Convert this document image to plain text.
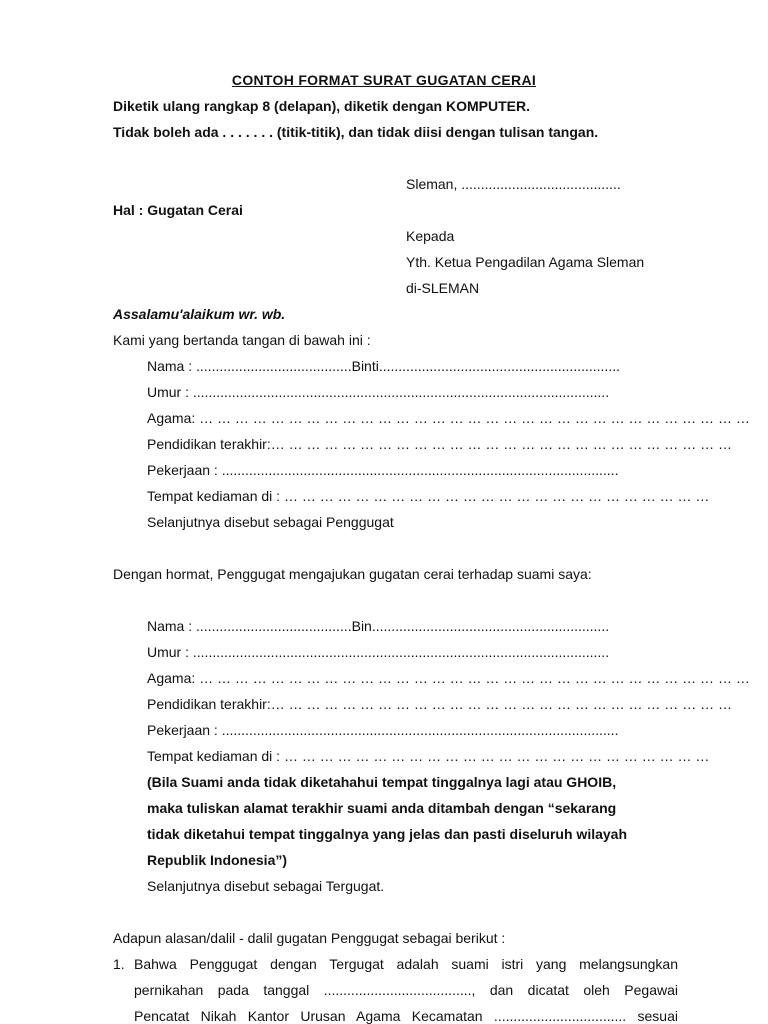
CONTOH FORMAT SURAT GUGATAN CERAI
Diketik ulang rangkap 8 (delapan), diketik dengan KOMPUTER.
Tidak boleh ada . . . . . . . (titik-titik), dan tidak diisi dengan tulisan tangan.
Sleman, .........................................
Hal : Gugatan Cerai
Kepada
Yth. Ketua Pengadilan Agama Sleman
di-SLEMAN
Assalamu'alaikum wr. wb.
Kami yang bertanda tangan di bawah ini :
Nama : ........................................Binti..............................................................
Umur : ...........................................................................................................
Agama: … … … … … … … … … … … … … … … … … … … … … … … … … … … … … … …
Pendidikan terakhir:… … … … … … … … … … … … … … … … … … … … … … … … … …
Pekerjaan : ......................................................................................................
Tempat kediaman di : … … … … … … … … … … … … … … … … … … … … … … … …
Selanjutnya disebut sebagai Penggugat
Dengan hormat, Penggugat mengajukan gugatan cerai terhadap suami saya:
Nama : ........................................Bin.............................................................
Umur : ...........................................................................................................
Agama: … … … … … … … … … … … … … … … … … … … … … … … … … … … … … … …
Pendidikan terakhir:… … … … … … … … … … … … … … … … … … … … … … … … … …
Pekerjaan : ......................................................................................................
Tempat kediaman di : … … … … … … … … … … … … … … … … … … … … … … … …
(Bila Suami anda tidak diketahahui tempat tinggalnya lagi atau GHOIB,
maka tuliskan alamat terakhir suami anda ditambah dengan “sekarang
tidak diketahui tempat tinggalnya yang jelas dan pasti diseluruh wilayah
Republik Indonesia”)
Selanjutnya disebut sebagai Tergugat.
Adapun alasan/dalil - dalil gugatan Penggugat sebagai berikut :
1. Bahwa Penggugat dengan Tergugat adalah suami istri yang melangsungkan
pernikahan pada tanggal ......................................, dan dicatat oleh Pegawai
Pencatat Nikah Kantor Urusan Agama Kecamatan .................................. sesuai
